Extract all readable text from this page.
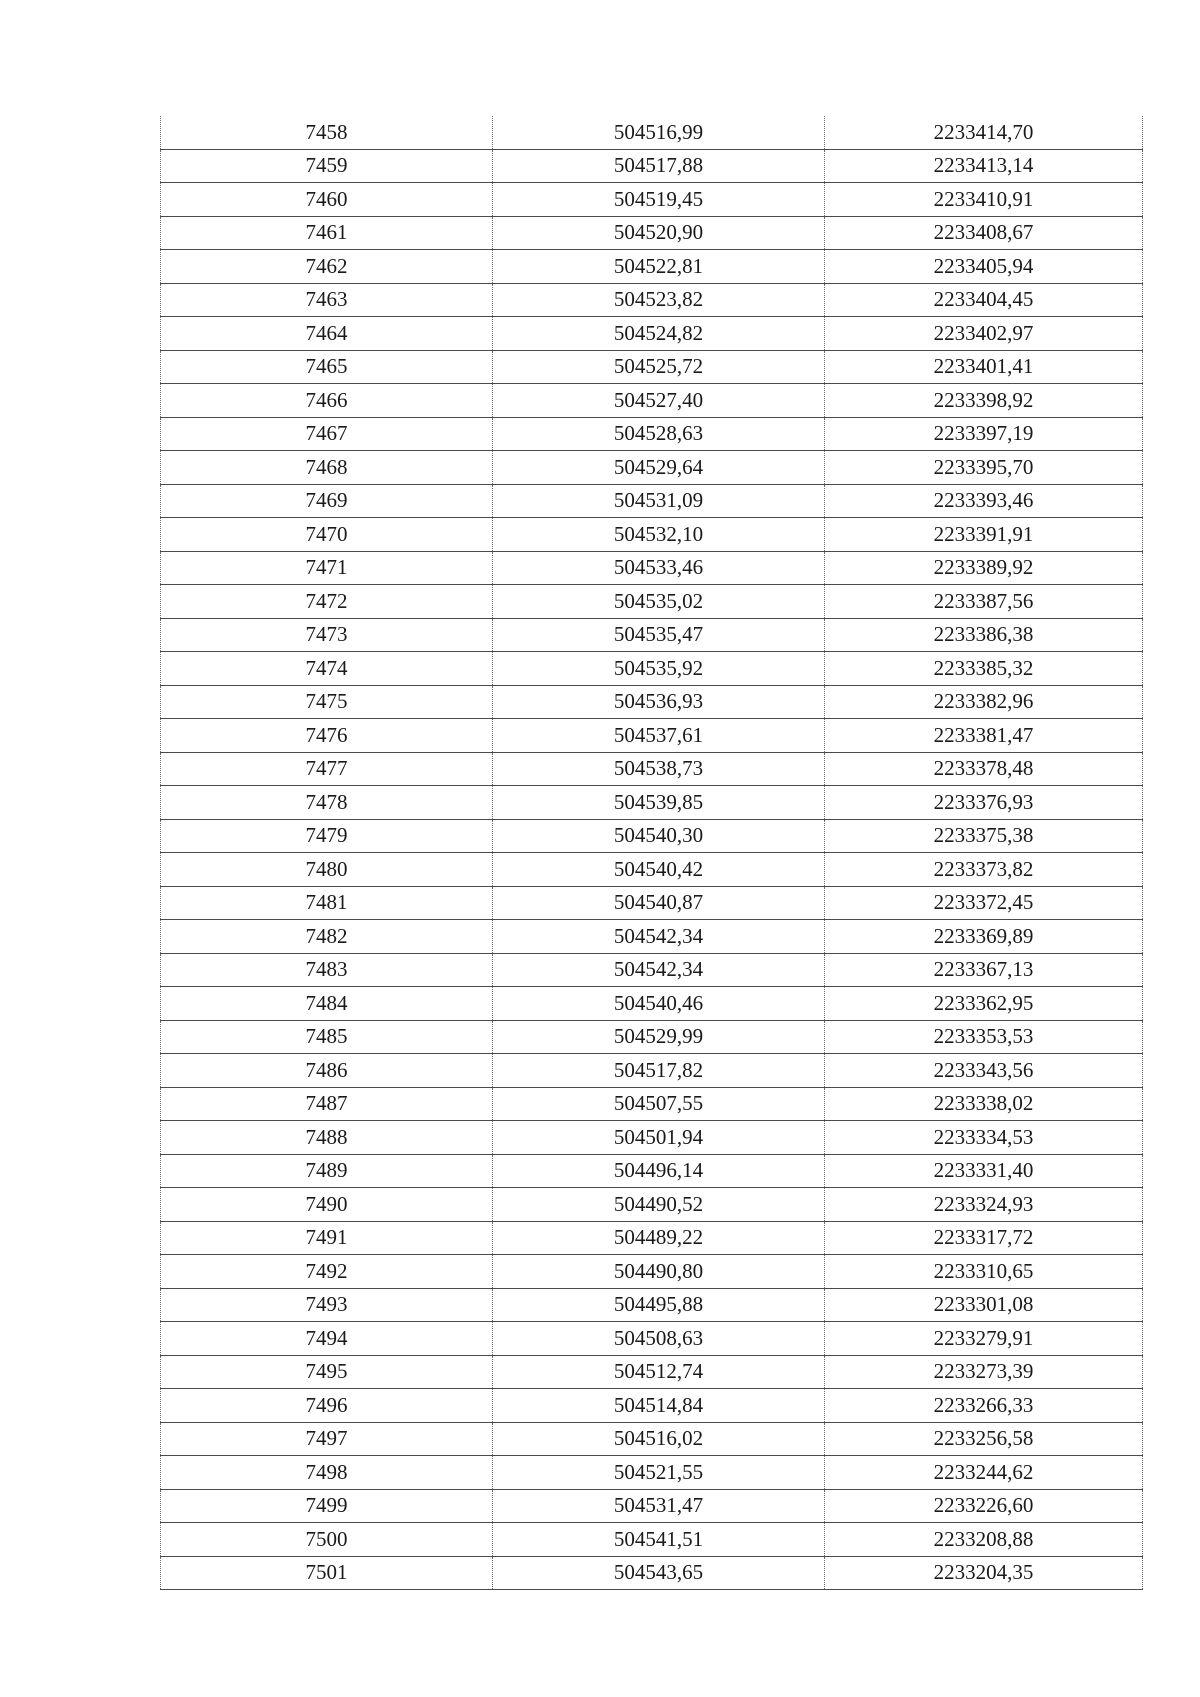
7458	504516,99	2233414,70
7459	504517,88	2233413,14
7460	504519,45	2233410,91
7461	504520,90	2233408,67
7462	504522,81	2233405,94
7463	504523,82	2233404,45
7464	504524,82	2233402,97
7465	504525,72	2233401,41
7466	504527,40	2233398,92
7467	504528,63	2233397,19
7468	504529,64	2233395,70
7469	504531,09	2233393,46
7470	504532,10	2233391,91
7471	504533,46	2233389,92
7472	504535,02	2233387,56
7473	504535,47	2233386,38
7474	504535,92	2233385,32
7475	504536,93	2233382,96
7476	504537,61	2233381,47
7477	504538,73	2233378,48
7478	504539,85	2233376,93
7479	504540,30	2233375,38
7480	504540,42	2233373,82
7481	504540,87	2233372,45
7482	504542,34	2233369,89
7483	504542,34	2233367,13
7484	504540,46	2233362,95
7485	504529,99	2233353,53
7486	504517,82	2233343,56
7487	504507,55	2233338,02
7488	504501,94	2233334,53
7489	504496,14	2233331,40
7490	504490,52	2233324,93
7491	504489,22	2233317,72
7492	504490,80	2233310,65
7493	504495,88	2233301,08
7494	504508,63	2233279,91
7495	504512,74	2233273,39
7496	504514,84	2233266,33
7497	504516,02	2233256,58
7498	504521,55	2233244,62
7499	504531,47	2233226,60
7500	504541,51	2233208,88
7501	504543,65	2233204,35
